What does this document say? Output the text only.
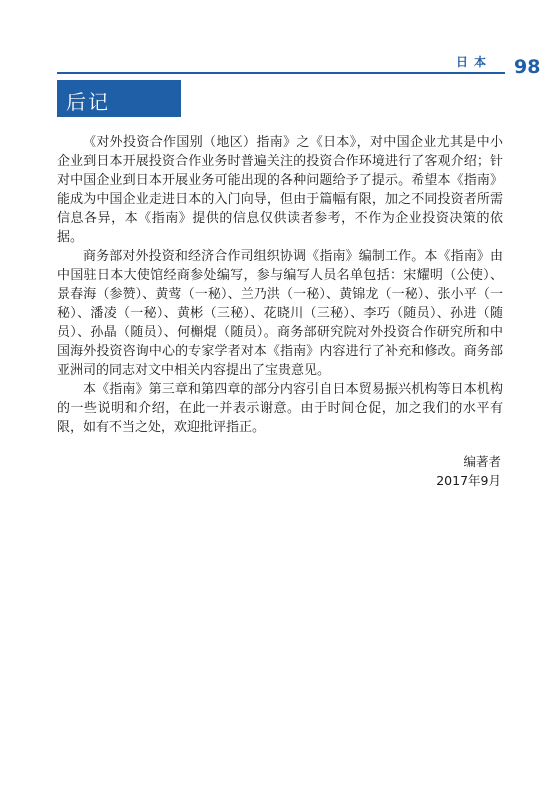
日本 98
后记

《对外投资合作国别（地区）指南》之《日本》，对中国企业尤其是中小企业到日本开展投资合作业务时普遍关注的投资合作环境进行了客观介绍；针对中国企业到日本开展业务可能出现的各种问题给予了提示。希望本《指南》能成为中国企业走进日本的入门向导，但由于篇幅有限，加之不同投资者所需信息各异，本《指南》提供的信息仅供读者参考，不作为企业投资决策的依据。

商务部对外投资和经济合作司组织协调《指南》编制工作。本《指南》由中国驻日本大使馆经商参处编写，参与编写人员名单包括：宋耀明（公使）、景春海（参赞）、黄莺（一秘）、兰乃洪（一秘）、黄锦龙（一秘）、张小平（一秘）、潘凌（一秘）、黄彬（三秘）、花晓川（三秘）、李巧（随员）、孙进（随员）、孙晶（随员）、何槲焜（随员）。商务部研究院对外投资合作研究所和中国海外投资咨询中心的专家学者对本《指南》内容进行了补充和修改。商务部亚洲司的同志对文中相关内容提出了宝贵意见。

本《指南》第三章和第四章的部分内容引自日本贸易振兴机构等日本机构的一些说明和介绍，在此一并表示谢意。由于时间仓促，加之我们的水平有限，如有不当之处，欢迎批评指正。

编著者
2017年9月
